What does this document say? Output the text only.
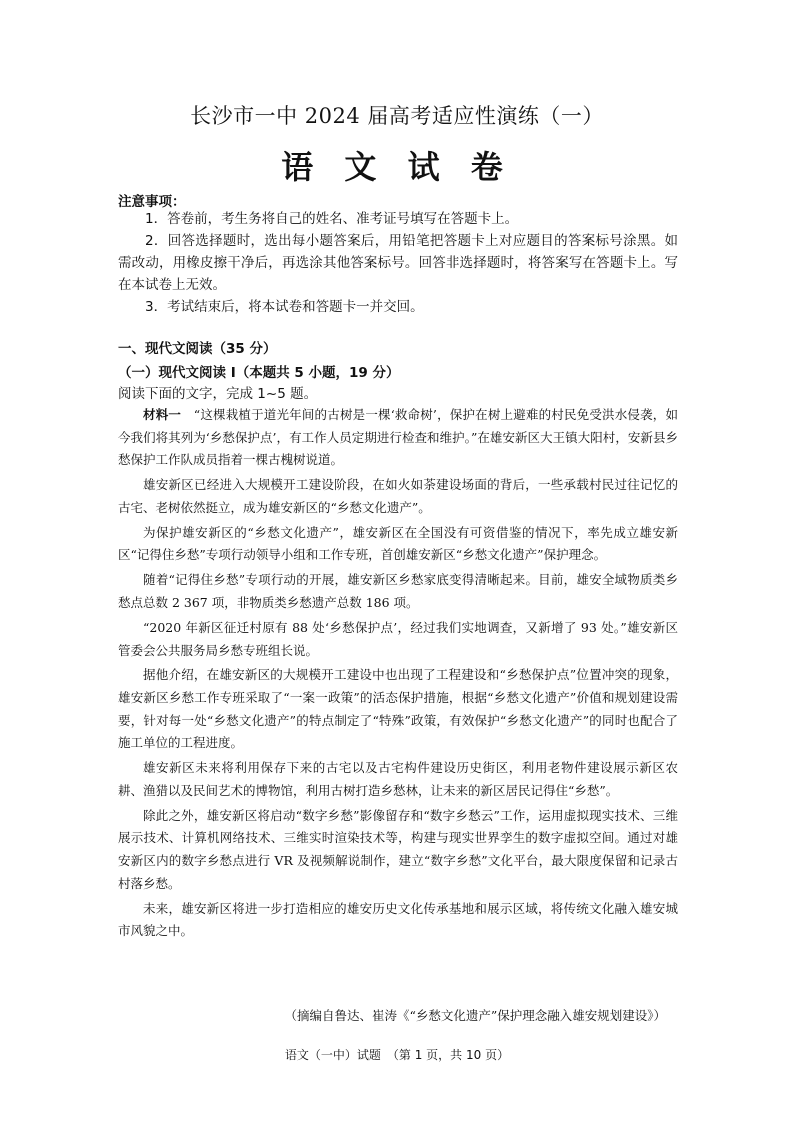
长沙市一中 2024 届高考适应性演练（一）
语 文 试 卷
注意事项：

1．答卷前，考生务将自己的姓名、准考证号填写在答题卡上。

2．回答选择题时，选出每小题答案后，用铅笔把答题卡上对应题目的答案标号涂黑。如需改动，用橡皮擦干净后，再选涂其他答案标号。回答非选择题时，将答案写在答题卡上。写在本试卷上无效。

3．考试结束后，将本试卷和答题卡一并交回。

一、现代文阅读（35 分）
（一）现代文阅读 I（本题共 5 小题，19 分）
阅读下面的文字，完成 1~5 题。

材料一　 “这棵栽植于道光年间的古树是一棵‘救命树’，保护在树上避难的村民免受洪水侵袭，如今我们将其列为‘乡愁保护点’，有工作人员定期进行检查和维护。”在雄安新区大王镇大阳村，安新县乡愁保护工作队成员指着一棵古槐树说道。

雄安新区已经进入大规模开工建设阶段，在如火如荼建设场面的背后，一些承载村民过往记忆的古宅、老树依然挺立，成为雄安新区的“乡愁文化遗产”。

为保护雄安新区的“乡愁文化遗产”，雄安新区在全国没有可资借鉴的情况下，率先成立雄安新区“记得住乡愁”专项行动领导小组和工作专班，首创雄安新区“乡愁文化遗产”保护理念。

随着“记得住乡愁”专项行动的开展，雄安新区乡愁家底变得清晰起来。目前，雄安全域物质类乡愁点总数 2 367 项，非物质类乡愁遗产总数 186 项。

“2020 年新区征迁村原有 88 处‘乡愁保护点’，经过我们实地调查，又新增了 93 处。”雄安新区管委会公共服务局乡愁专班组长说。

据他介绍，在雄安新区的大规模开工建设中也出现了工程建设和“乡愁保护点”位置冲突的现象，雄安新区乡愁工作专班采取了“一案一政策”的活态保护措施，根据“乡愁文化遗产”价值和规划建设需要，针对每一处“乡愁文化遗产”的特点制定了“特殊”政策，有效保护“乡愁文化遗产”的同时也配合了施工单位的工程进度。

雄安新区未来将利用保存下来的古宅以及古宅构件建设历史街区，利用老物件建设展示新区农耕、渔猎以及民间艺术的博物馆，利用古树打造乡愁林，让未来的新区居民记得住“乡愁”。

除此之外，雄安新区将启动“数字乡愁”影像留存和“数字乡愁云”工作，运用虚拟现实技术、三维展示技术、计算机网络技术、三维实时渲染技术等，构建与现实世界孪生的数字虚拟空间。通过对雄安新区内的数字乡愁点进行 VR 及视频解说制作，建立“数字乡愁”文化平台，最大限度保留和记录古村落乡愁。

未来，雄安新区将进一步打造相应的雄安历史文化传承基地和展示区域，将传统文化融入雄安城市风貌之中。

（摘编自鲁达、崔涛《“乡愁文化遗产”保护理念融入雄安规划建设》）
语文（一中）试题　（第 1 页，共 10 页）
